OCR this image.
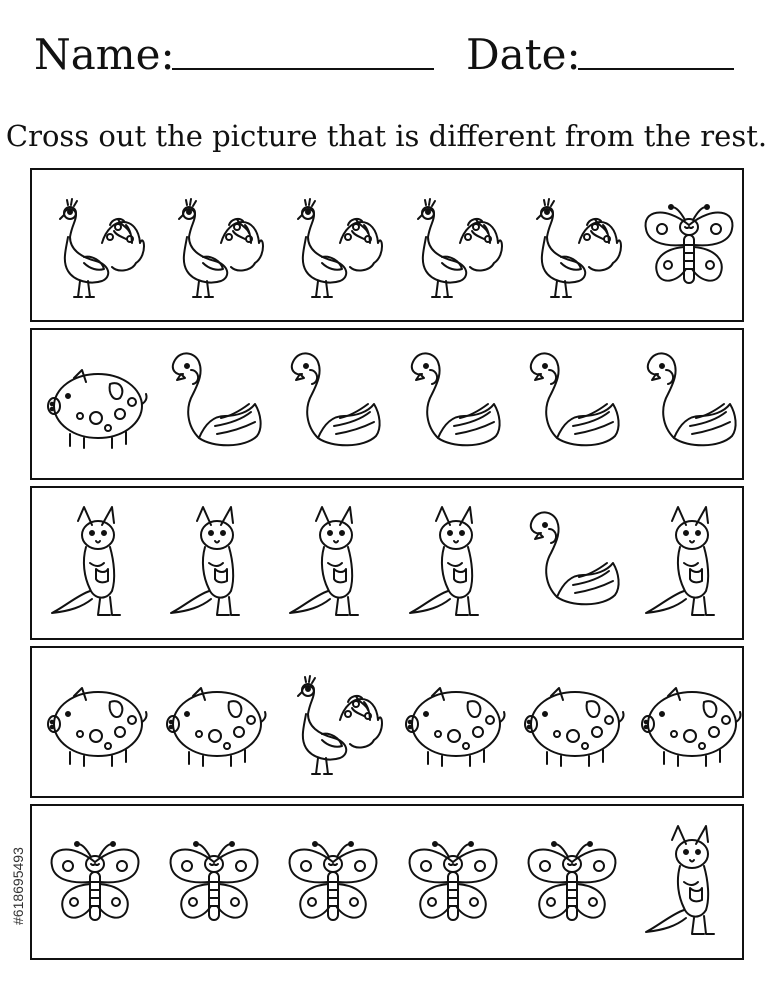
Name:	Date:
Cross out the picture that is different from the rest.
#618695493
